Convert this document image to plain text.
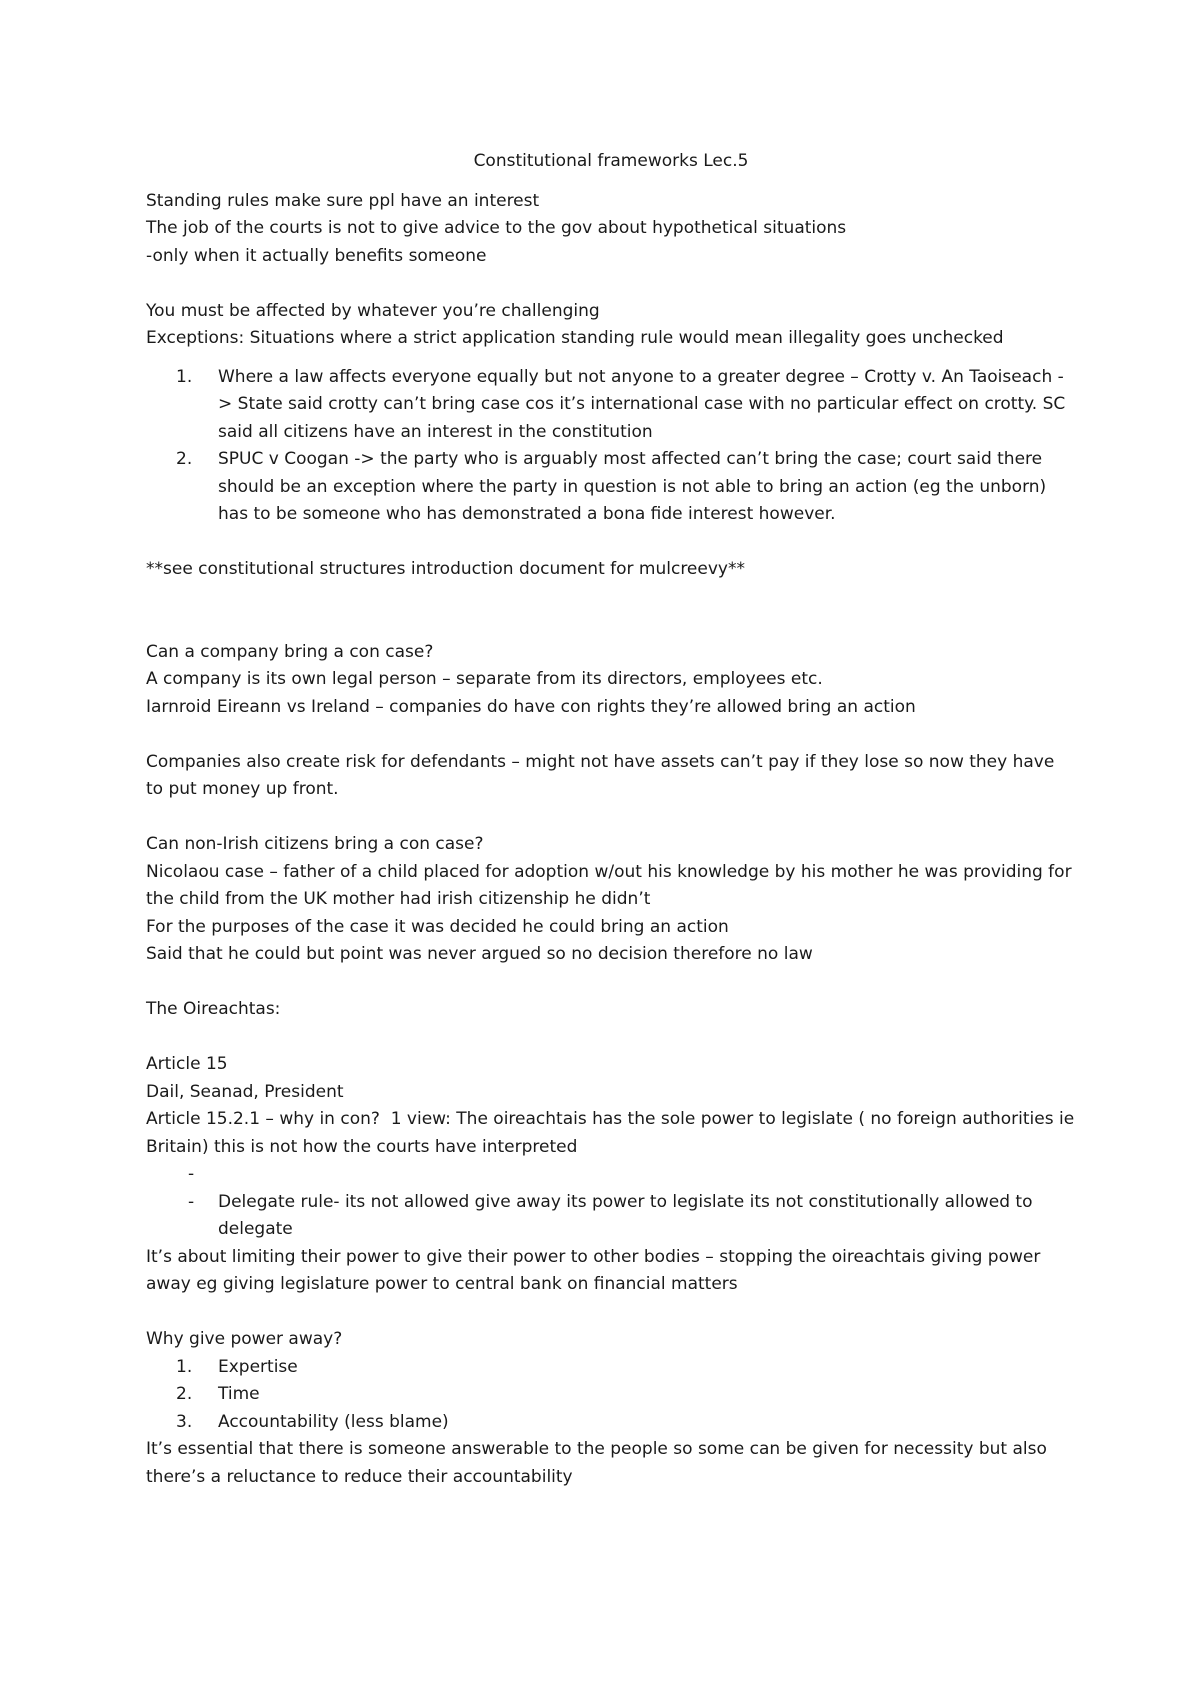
Constitutional frameworks Lec.5

Standing rules make sure ppl have an interest

The job of the courts is not to give advice to the gov about hypothetical situations

-only when it actually benefits someone

You must be affected by whatever you’re challenging

Exceptions: Situations where a strict application standing rule would mean illegality goes unchecked

1. Where a law affects everyone equally but not anyone to a greater degree – Crotty v. An Taoiseach -> State said crotty can’t bring case cos it’s international case with no particular effect on crotty. SC said all citizens have an interest in the constitution
2. SPUC v Coogan -> the party who is arguably most affected can’t bring the case; court said there should be an exception where the party in question is not able to bring an action (eg the unborn) has to be someone who has demonstrated a bona fide interest however.

**see constitutional structures introduction document for mulcreevy**

Can a company bring a con case?

A company is its own legal person – separate from its directors, employees etc.

Iarnroid Eireann vs Ireland – companies do have con rights they’re allowed bring an action

Companies also create risk for defendants – might not have assets can’t pay if they lose so now they have to put money up front.

Can non-Irish citizens bring a con case?

Nicolaou case – father of a child placed for adoption w/out his knowledge by his mother he was providing for the child from the UK mother had irish citizenship he didn’t

For the purposes of the case it was decided he could bring an action

Said that he could but point was never argued so no decision therefore no law

The Oireachtas:

Article 15

Dail, Seanad, President

Article 15.2.1 – why in con?  1 view: The oireachtais has the sole power to legislate ( no foreign authorities ie Britain) this is not how the courts have interpreted

-
- Delegate rule- its not allowed give away its power to legislate its not constitutionally allowed to delegate

It’s about limiting their power to give their power to other bodies – stopping the oireachtais giving power away eg giving legislature power to central bank on financial matters

Why give power away?

1. Expertise
2. Time
3. Accountability (less blame)

It’s essential that there is someone answerable to the people so some can be given for necessity but also there’s a reluctance to reduce their accountability
